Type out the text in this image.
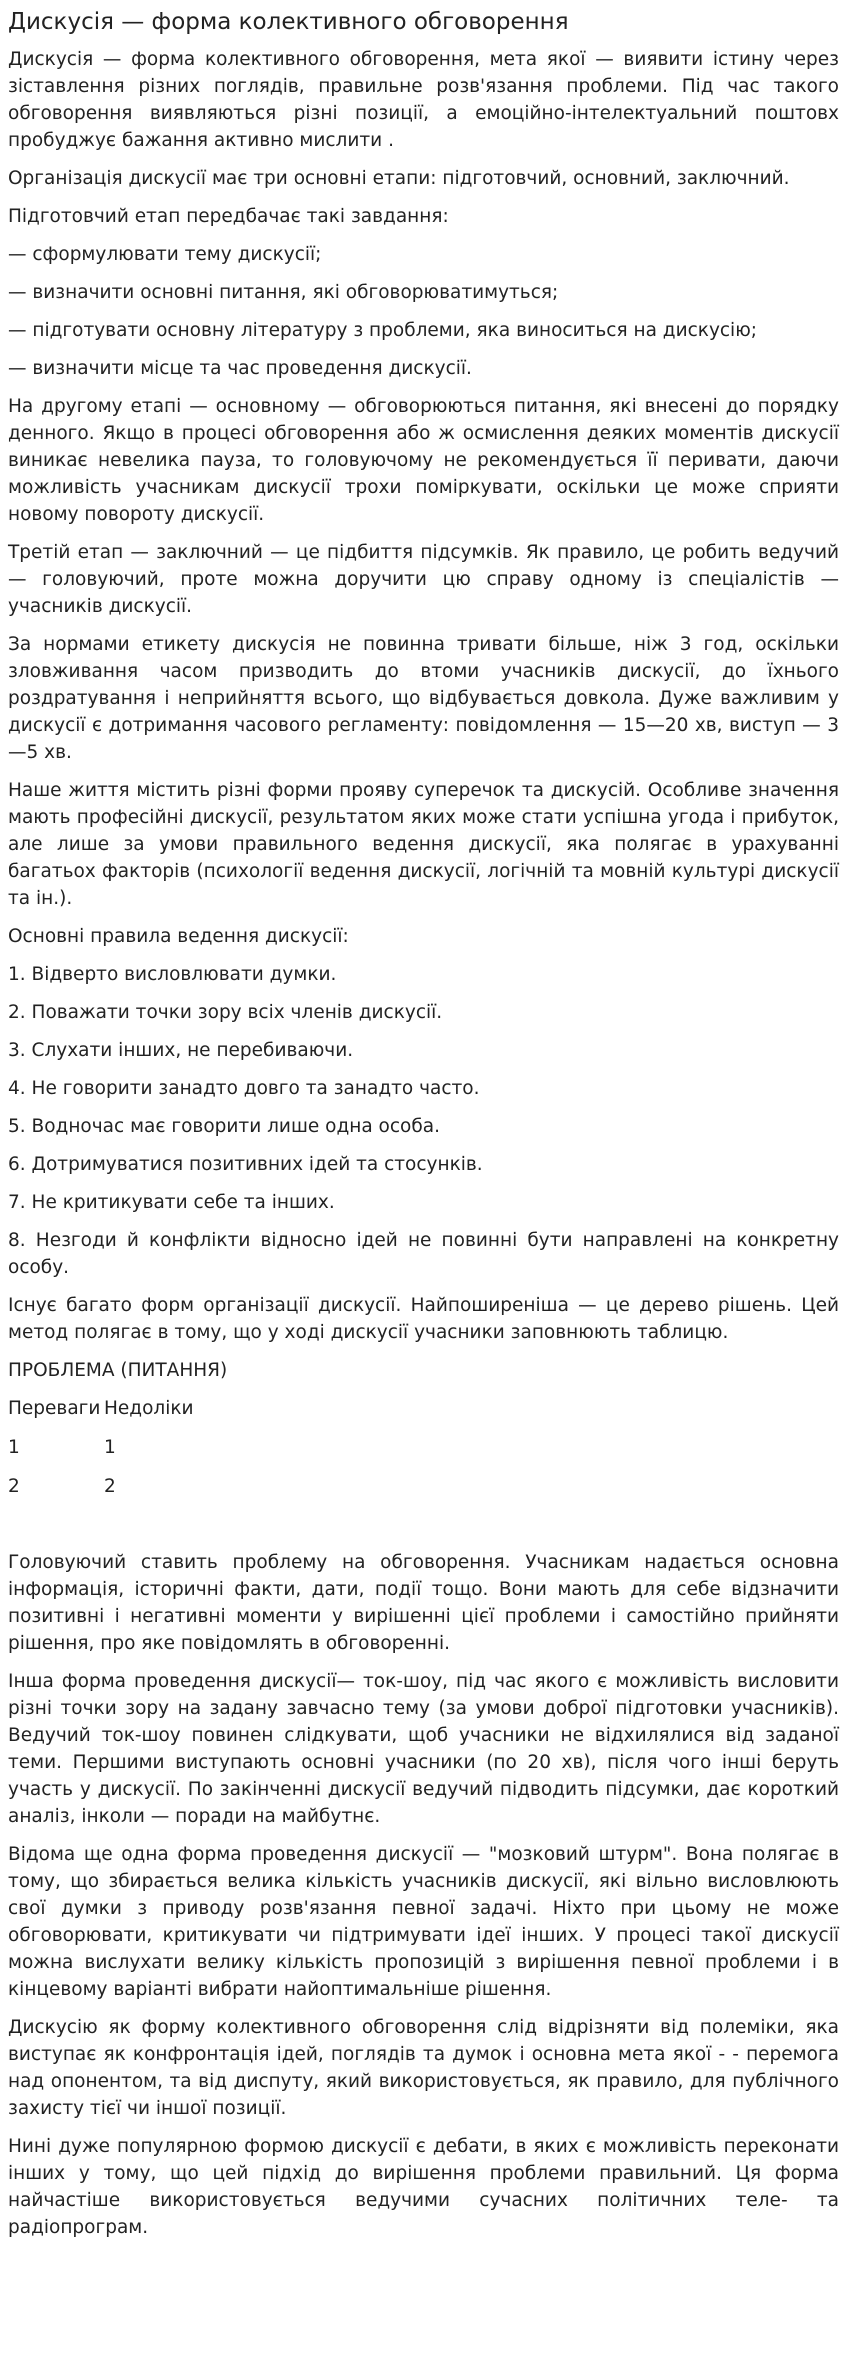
Дискусія — форма колективного обговорення

Дискусія — форма колективного обговорення, мета якої — виявити істину через зіставлення різних поглядів, правильне розв'язання проблеми. Під час такого обговорення виявляються різні позиції, а емоційно-інтелектуальний поштовх пробуджує бажання активно мислити .

Організація дискусії має три основні етапи: підготовчий, основний, заключний.

Підготовчий етап передбачає такі завдання:

— сформулювати тему дискусії;

— визначити основні питання, які обговорюватимуться;

— підготувати основну літературу з проблеми, яка виноситься на дискусію;

— визначити місце та час проведення дискусії.

На другому етапі — основному — обговорюються питання, які внесені до порядку денного. Якщо в процесі обговорення або ж осмислення деяких моментів дискусії виникає невелика пауза, то головуючому не рекомендується її перивати, даючи можливість учасникам дискусії трохи поміркувати, оскільки це може сприяти новому повороту дискусії.

Третій етап — заключний — це підбиття підсумків. Як правило, це робить ведучий — головуючий, проте можна доручити цю справу одному із спеціалістів — учасників дискусії.

За нормами етикету дискусія не повинна тривати більше, ніж 3 год, оскільки зловживання часом призводить до втоми учасників дискусії, до їхнього роздратування і неприйняття всього, що відбувається довкола. Дуже важливим у дискусії є дотримання часового регламенту: повідомлення — 15—20 хв, виступ — 3—5 хв.

Наше життя містить різні форми прояву суперечок та дискусій. Особливе значення мають професійні дискусії, результатом яких може стати успішна угода і прибуток, але лише за умови правильного ведення дискусії, яка полягає в урахуванні багатьох факторів (психології ведення дискусії, логічній та мовній культурі дискусії та ін.).

Основні правила ведення дискусії:

1. Відверто висловлювати думки.

2. Поважати точки зору всіх членів дискусії.

3. Слухати інших, не перебиваючи.

4. Не говорити занадто довго та занадто часто.

5. Водночас має говорити лише одна особа.

6. Дотримуватися позитивних ідей та стосунків.

7. Не критикувати себе та інших.

8. Незгоди й конфлікти відносно ідей не повинні бути направлені на конкретну особу.

Існує багато форм організації дискусії. Найпоширеніша — це дерево рішень. Цей метод полягає в тому, що у ході дискусії учасники заповнюють таблицю.

ПРОБЛЕМА (ПИТАННЯ)

Переваги	Недоліки
1	1
2	2

Головуючий ставить проблему на обговорення. Учасникам надається основна інформація, історичні факти, дати, події тощо. Вони мають для себе відзначити позитивні і негативні моменти у вирішенні цієї проблеми і самостійно прийняти рішення, про яке повідомлять в обговоренні.

Інша форма проведення дискусії— ток-шоу, під час якого є можливість висловити різні точки зору на задану завчасно тему (за умови доброї підготовки учасників). Ведучий ток-шоу повинен слідкувати, щоб учасники не відхилялися від заданої теми. Першими виступають основні учасники (по 20 хв), після чого інші беруть участь у дискусії. По закінченні дискусії ведучий підводить підсумки, дає короткий аналіз, інколи — поради на майбутнє.

Відома ще одна форма проведення дискусії — "мозковий штурм". Вона полягає в тому, що збирається велика кількість учасників дискусії, які вільно висловлюють свої думки з приводу розв'язання певної задачі. Ніхто при цьому не може обговорювати, критикувати чи підтримувати ідеї інших. У процесі такої дискусії можна вислухати велику кількість пропозицій з вирішення певної проблеми і в кінцевому варіанті вибрати найоптимальніше рішення.

Дискусію як форму колективного обговорення слід відрізняти від полеміки, яка виступає як конфронтація ідей, поглядів та думок і основна мета якої - - перемога над опонентом, та від диспуту, який використовується, як правило, для публічного захисту тієї чи іншої позиції.

Нині дуже популярною формою дискусії є дебати, в яких є можливість переконати інших у тому, що цей підхід до вирішення проблеми правильний. Ця форма найчастіше використовується ведучими сучасних політичних теле- та радіопрограм.
